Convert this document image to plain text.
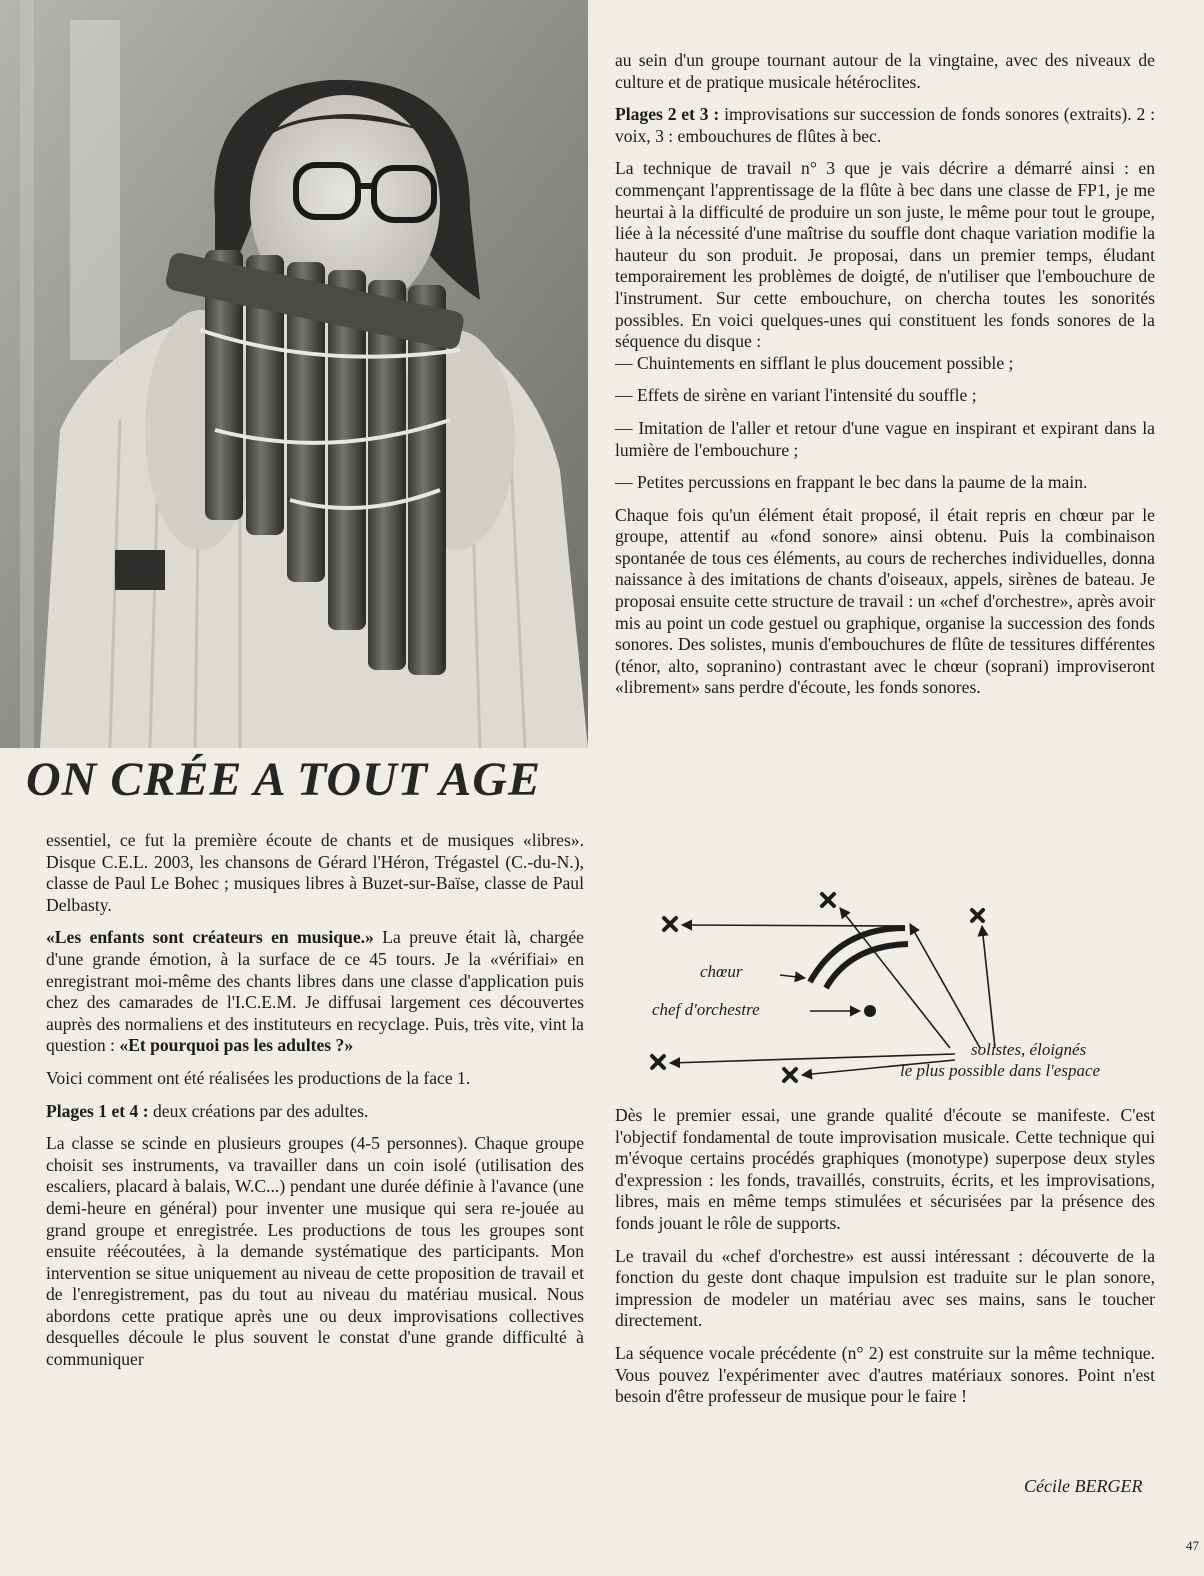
ON CRÉE A TOUT AGE

essentiel, ce fut la première écoute de chants et de musiques «libres». Disque C.E.L. 2003, les chansons de Gérard l'Héron, Trégastel (C.-du-N.), classe de Paul Le Bohec ; musiques libres à Buzet-sur-Baïse, classe de Paul Delbasty.

«Les enfants sont créateurs en musique.» La preuve était là, chargée d'une grande émotion, à la surface de ce 45 tours. Je la «vérifiai» en enregistrant moi-même des chants libres dans une classe d'application puis chez des camarades de l'I.C.E.M. Je diffusai largement ces découvertes auprès des normaliens et des instituteurs en recyclage. Puis, très vite, vint la question : «Et pourquoi pas les adultes ?»

Voici comment ont été réalisées les productions de la face 1.

Plages 1 et 4 : deux créations par des adultes.

La classe se scinde en plusieurs groupes (4-5 personnes). Chaque groupe choisit ses instruments, va travailler dans un coin isolé (utilisation des escaliers, placard à balais, W.C...) pendant une durée définie à l'avance (une demi-heure en général) pour inventer une musique qui sera re-jouée au grand groupe et enregistrée. Les productions de tous les groupes sont ensuite réécoutées, à la demande systématique des participants. Mon intervention se situe uniquement au niveau de cette proposition de travail et de l'enregistrement, pas du tout au niveau du matériau musical. Nous abordons cette pratique après une ou deux improvisations collectives desquelles découle le plus souvent le constat d'une grande difficulté à communiquer

au sein d'un groupe tournant autour de la vingtaine, avec des niveaux de culture et de pratique musicale hétéroclites.

Plages 2 et 3 : improvisations sur succession de fonds sonores (extraits). 2 : voix, 3 : embouchures de flûtes à bec.

La technique de travail n° 3 que je vais décrire a démarré ainsi : en commençant l'apprentissage de la flûte à bec dans une classe de FP1, je me heurtai à la difficulté de produire un son juste, le même pour tout le groupe, liée à la nécessité d'une maîtrise du souffle dont chaque variation modifie la hauteur du son produit. Je proposai, dans un premier temps, éludant temporairement les problèmes de doigté, de n'utiliser que l'embouchure de l'instrument. Sur cette embouchure, on chercha toutes les sonorités possibles. En voici quelques-unes qui constituent les fonds sonores de la séquence du disque :

— Chuintements en sifflant le plus doucement possible ;

— Effets de sirène en variant l'intensité du souffle ;

— Imitation de l'aller et retour d'une vague en inspirant et expirant dans la lumière de l'embouchure ;

— Petites percussions en frappant le bec dans la paume de la main.

Chaque fois qu'un élément était proposé, il était repris en chœur par le groupe, attentif au «fond sonore» ainsi obtenu. Puis la combinaison spontanée de tous ces éléments, au cours de recherches individuelles, donna naissance à des imitations de chants d'oiseaux, appels, sirènes de bateau. Je proposai ensuite cette structure de travail : un «chef d'orchestre», après avoir mis au point un code gestuel ou graphique, organise la succession des fonds sonores. Des solistes, munis d'embouchures de flûte de tessitures différentes (ténor, alto, sopranino) contrastant avec le chœur (soprani) improviseront «librement» sans perdre d'écoute, les fonds sonores.

chœur
chef d'orchestre
solistes, éloignés
le plus possible dans l'espace

Dès le premier essai, une grande qualité d'écoute se manifeste. C'est l'objectif fondamental de toute improvisation musicale. Cette technique qui m'évoque certains procédés graphiques (monotype) superpose deux styles d'expression : les fonds, travaillés, construits, écrits, et les improvisations, libres, mais en même temps stimulées et sécurisées par la présence des fonds jouant le rôle de supports.

Le travail du «chef d'orchestre» est aussi intéressant : découverte de la fonction du geste dont chaque impulsion est traduite sur le plan sonore, impression de modeler un matériau avec ses mains, sans le toucher directement.

La séquence vocale précédente (n° 2) est construite sur la même technique. Vous pouvez l'expérimenter avec d'autres matériaux sonores. Point n'est besoin d'être professeur de musique pour le faire !

Cécile BERGER
47
